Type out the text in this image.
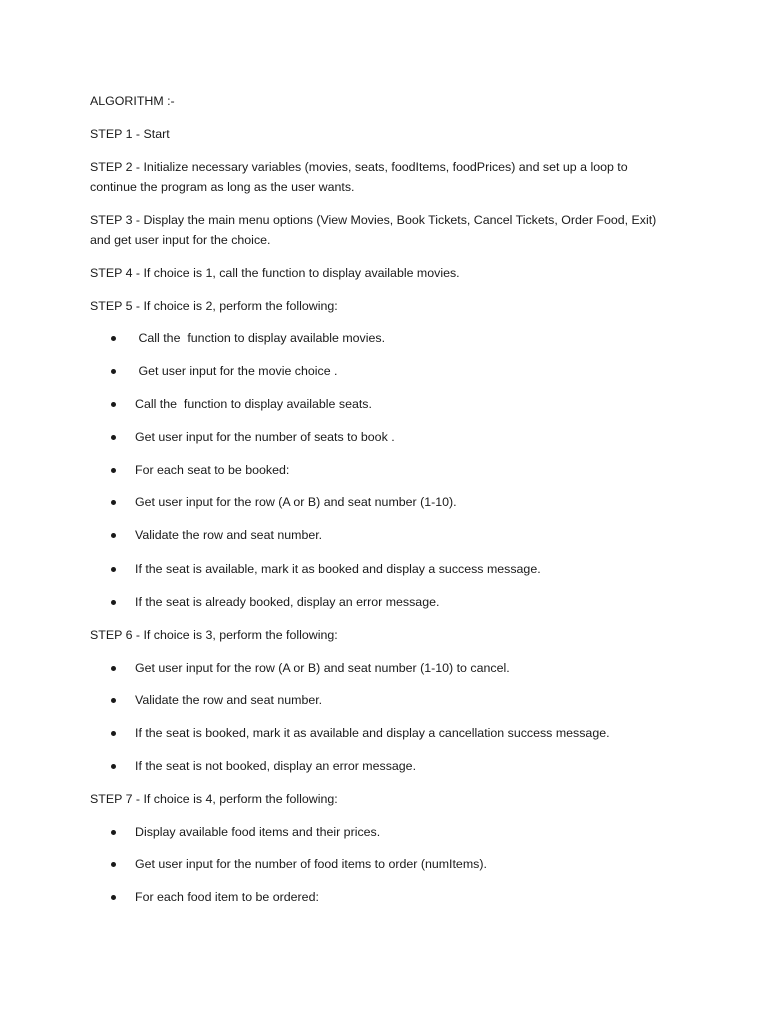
ALGORITHM :-
STEP 1 - Start
STEP 2 - Initialize necessary variables (movies, seats, foodItems, foodPrices) and set up a loop to
continue the program as long as the user wants.
STEP 3 - Display the main menu options (View Movies, Book Tickets, Cancel Tickets, Order Food, Exit)
and get user input for the choice.
STEP 4 - If choice is 1, call the function to display available movies.
STEP 5 - If choice is 2, perform the following:
Call the  function to display available movies.
Get user input for the movie choice .
Call the  function to display available seats.
Get user input for the number of seats to book .
For each seat to be booked:
Get user input for the row (A or B) and seat number (1-10).
Validate the row and seat number.
If the seat is available, mark it as booked and display a success message.
If the seat is already booked, display an error message.
STEP 6 - If choice is 3, perform the following:
Get user input for the row (A or B) and seat number (1-10) to cancel.
Validate the row and seat number.
If the seat is booked, mark it as available and display a cancellation success message.
If the seat is not booked, display an error message.
STEP 7 - If choice is 4, perform the following:
Display available food items and their prices.
Get user input for the number of food items to order (numItems).
For each food item to be ordered:
